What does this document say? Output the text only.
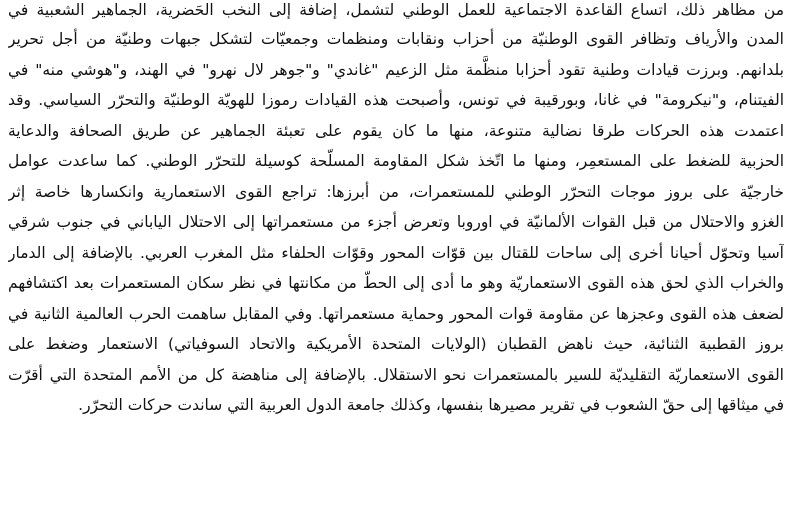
من مظاهر ذلك، اتساع القاعدة الاجتماعية للعمل الوطني لتشمل، إضافة إلى النخب الحَضرية، الجماهير الشعبية في
المدن والأرياف وتظافر القوى الوطنيّة من أحزاب ونقابات ومنظمات وجمعيّات لتشكل جبهات وطنيّة من أجل تحرير
بلدانهم. وبرزت قيادات وطنية تقود أحزابا منظَّمة مثل الزعيم "غاندي" و"جوهر لال نهرو" في الهند، و"هوشي منه" في
الفيتنام، و"نيكرومة" في غانا، وبورقيبة في تونس، وأصبحت هذه القيادات رموزا للهويّة الوطنيّة والتحرّر السياسي. وقد
اعتمدت هذه الحركات طرقا نضالية متنوعة، منها ما كان يقوم على تعبئة الجماهير عن طريق الصحافة والدعاية
الحزبية للضغط على المستعمِر، ومنها ما اتّخذ شكل المقاومة المسلّحة كوسيلة للتحرّر الوطني. كما ساعدت عوامل
خارجيّة على بروز موجات التحرّر الوطني للمستعمرات، من أبرزها: تراجع القوى الاستعمارية وانكسارها خاصة إثر
الغزو والاحتلال من قبل القوات الألمانيّة في اوروبا وتعرض أجزء من مستعمراتها إلى الاحتلال الياباني في جنوب شرقي
آسيا وتحوّل أحيانا أخرى إلى ساحات للقتال بين قوّات المحور وقوّات الحلفاء مثل المغرب العربي. بالإضافة إلى الدمار
والخراب الذي لحق هذه القوى الاستعماريّة وهو ما أدى إلى الحطّ من مكانتها في نظر سكان المستعمرات بعد اكتشافهم
لضعف هذه القوى وعجزها عن مقاومة قوات المحور وحماية مستعمراتها. وفي المقابل ساهمت الحرب العالمية الثانية في
بروز القطبية الثنائية، حيث ناهض القطبان (الولايات المتحدة الأمريكية والاتحاد السوفياتي) الاستعمار وضغط على
القوى الاستعماريّة التقليديّة للسير بالمستعمرات نحو الاستقلال. بالإضافة إلى مناهضة كل من الأمم المتحدة التي أقرّت
في ميثاقها إلى حقّ الشعوب في تقرير مصيرها بنفسها، وكذلك جامعة الدول العربية التي ساندت حركات التحرّر.
